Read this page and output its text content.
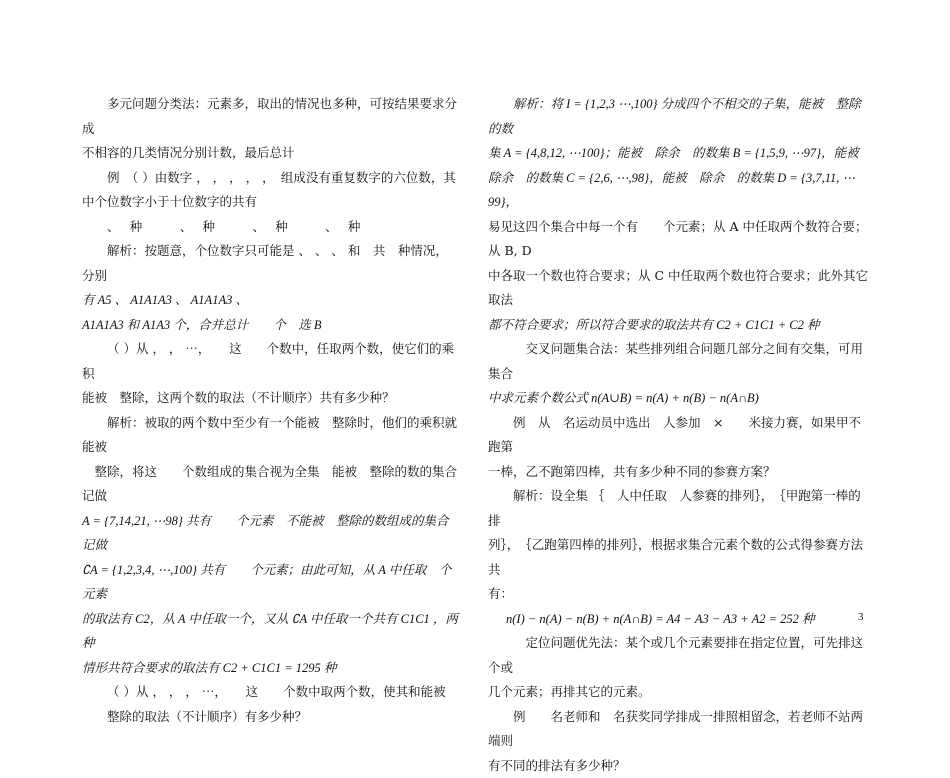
多元问题分类法：元素多，取出的情况也多种，可按结果要求分成

不相容的几类情况分别计数，最后总计

例　（ ）由数字 ， ， ， ， ，　组成没有重复数字的六位数，其

中个位数字小于十位数字的共有

、　 种　　　、　 种　　　、　 种　　　、　 种

解析：按题意，个位数字只可能是 、 、 、 和　共　种情况，分别

有 A5 、 A1A1A3 、 A1A1A3 、

A1A1A3 和 A1A3 个，合并总计　　个　选 B

（ ）从 ， ， ⋯，　　这　　个数中，任取两个数，使它们的乘积

能被　整除，这两个数的取法（不计顺序）共有多少种？

解析：被取的两个数中至少有一个能被　整除时，他们的乘积就能被

　整除，将这　　个数组成的集合视为全集　能被　整除的数的集合记做

A = {7,14,21, ⋯98} 共有　　个元素　不能被　整除的数组成的集合记做

∁A = {1,2,3,4, ⋯,100} 共有　　个元素；由此可知，从 A 中任取　个元素

的取法有 C2，从 A 中任取一个，又从 ∁A 中任取一个共有 C1C1 ，两种

情形共符合要求的取法有 C2 + C1C1 = 1295 种

（ ）从 ， ， ， ⋯，　　这　　个数中取两个数，使其和能被

整除的取法（不计顺序）有多少种？

解析：将 I = {1,2,3 ⋯,100} 分成四个不相交的子集，能被　整除的数

集 A = {4,8,12, ⋯100}；能被　除余　的数集 B = {1,5,9, ⋯97}，能被

除余　的数集 C = {2,6, ⋯,98}，能被　除余　的数集 D = {3,7,11, ⋯99}，

易见这四个集合中每一个有　　个元素；从 A 中任取两个数符合要；从 B, D

中各取一个数也符合要求；从 C 中任取两个数也符合要求；此外其它取法

都不符合要求；所以符合要求的取法共有 C2 + C1C1 + C2 种

交叉问题集合法：某些排列组合问题几部分之间有交集，可用集合

中求元素个数公式 n(A∪B) = n(A) + n(B) − n(A∩B)

例　从　名运动员中选出　人参加　×　　米接力赛，如果甲不跑第

一棒，乙不跑第四棒，共有多少种不同的参赛方案？

解析：设全集 ｛　人中任取　人参赛的排列｝，　｛甲跑第一棒的排

列｝，　｛乙跑第四棒的排列｝，根据求集合元素个数的公式得参赛方法共

有：

n(I) − n(A) − n(B) + n(A∩B) = A4 − A3 − A3 + A2 = 252 种

定位问题优先法：某个或几个元素要排在指定位置，可先排这个或

几个元素；再排其它的元素。

例　　名老师和　名获奖同学排成一排照相留念，若老师不站两端则

有不同的排法有多少种？

3
